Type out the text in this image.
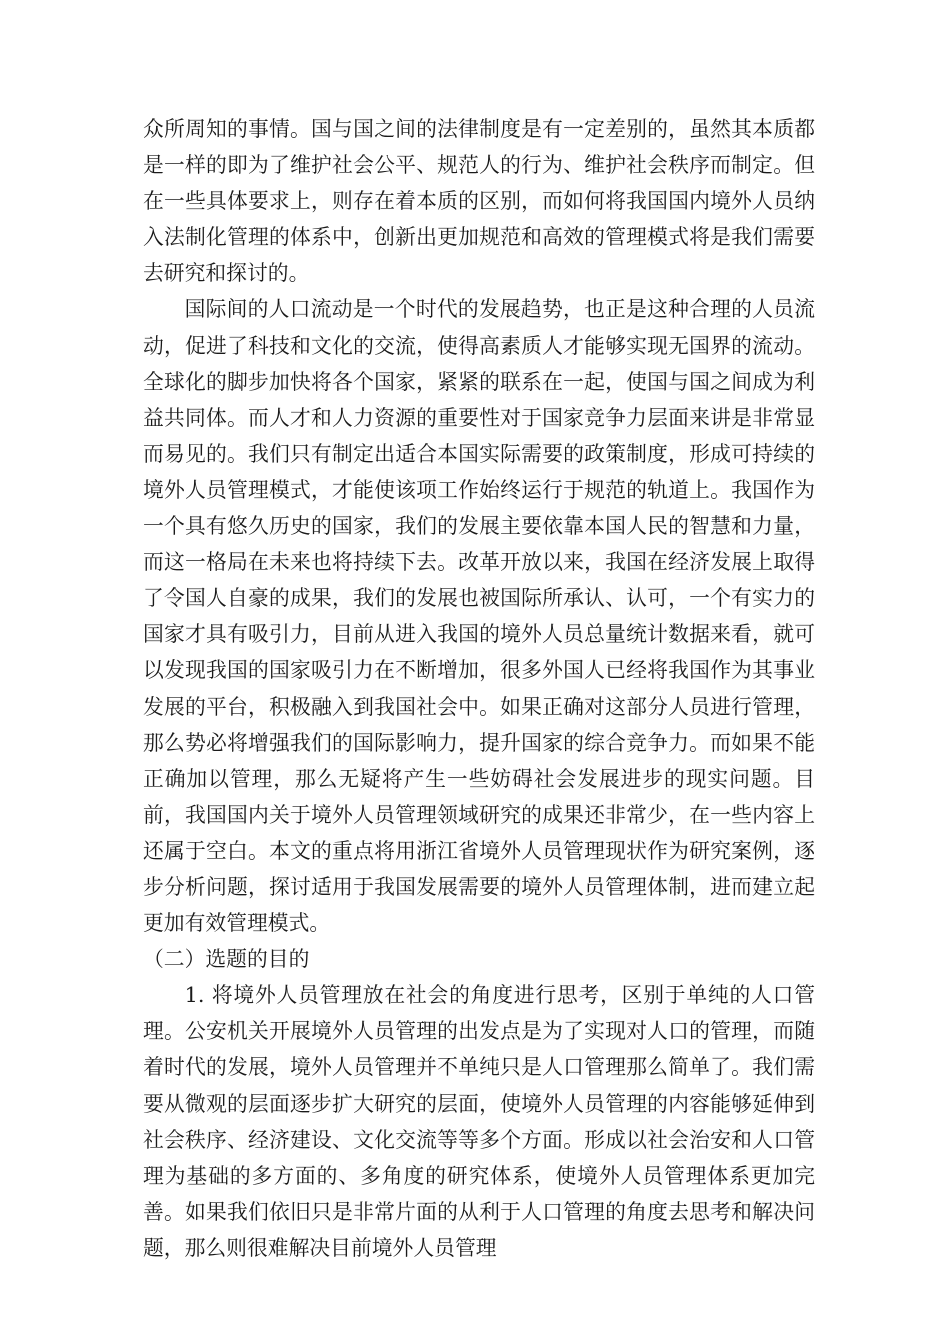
众所周知的事情。国与国之间的法律制度是有一定差别的，虽然其本质都是一样的即为了维护社会公平、规范人的行为、维护社会秩序而制定。但在一些具体要求上，则存在着本质的区别，而如何将我国国内境外人员纳入法制化管理的体系中，创新出更加规范和高效的管理模式将是我们需要去研究和探讨的。

国际间的人口流动是一个时代的发展趋势，也正是这种合理的人员流动，促进了科技和文化的交流，使得高素质人才能够实现无国界的流动。全球化的脚步加快将各个国家，紧紧的联系在一起，使国与国之间成为利益共同体。而人才和人力资源的重要性对于国家竞争力层面来讲是非常显而易见的。我们只有制定出适合本国实际需要的政策制度，形成可持续的境外人员管理模式，才能使该项工作始终运行于规范的轨道上。我国作为一个具有悠久历史的国家，我们的发展主要依靠本国人民的智慧和力量，而这一格局在未来也将持续下去。改革开放以来，我国在经济发展上取得了令国人自豪的成果，我们的发展也被国际所承认、认可，一个有实力的国家才具有吸引力，目前从进入我国的境外人员总量统计数据来看，就可以发现我国的国家吸引力在不断增加，很多外国人已经将我国作为其事业发展的平台，积极融入到我国社会中。如果正确对这部分人员进行管理，那么势必将增强我们的国际影响力，提升国家的综合竞争力。而如果不能正确加以管理，那么无疑将产生一些妨碍社会发展进步的现实问题。目前，我国国内关于境外人员管理领域研究的成果还非常少，在一些内容上还属于空白。本文的重点将用浙江省境外人员管理现状作为研究案例，逐步分析问题，探讨适用于我国发展需要的境外人员管理体制，进而建立起更加有效管理模式。

（二）选题的目的

1. 将境外人员管理放在社会的角度进行思考，区别于单纯的人口管理。公安机关开展境外人员管理的出发点是为了实现对人口的管理，而随着时代的发展，境外人员管理并不单纯只是人口管理那么简单了。我们需要从微观的层面逐步扩大研究的层面，使境外人员管理的内容能够延伸到社会秩序、经济建设、文化交流等等多个方面。形成以社会治安和人口管理为基础的多方面的、多角度的研究体系，使境外人员管理体系更加完善。如果我们依旧只是非常片面的从利于人口管理的角度去思考和解决问题，那么则很难解决目前境外人员管理
